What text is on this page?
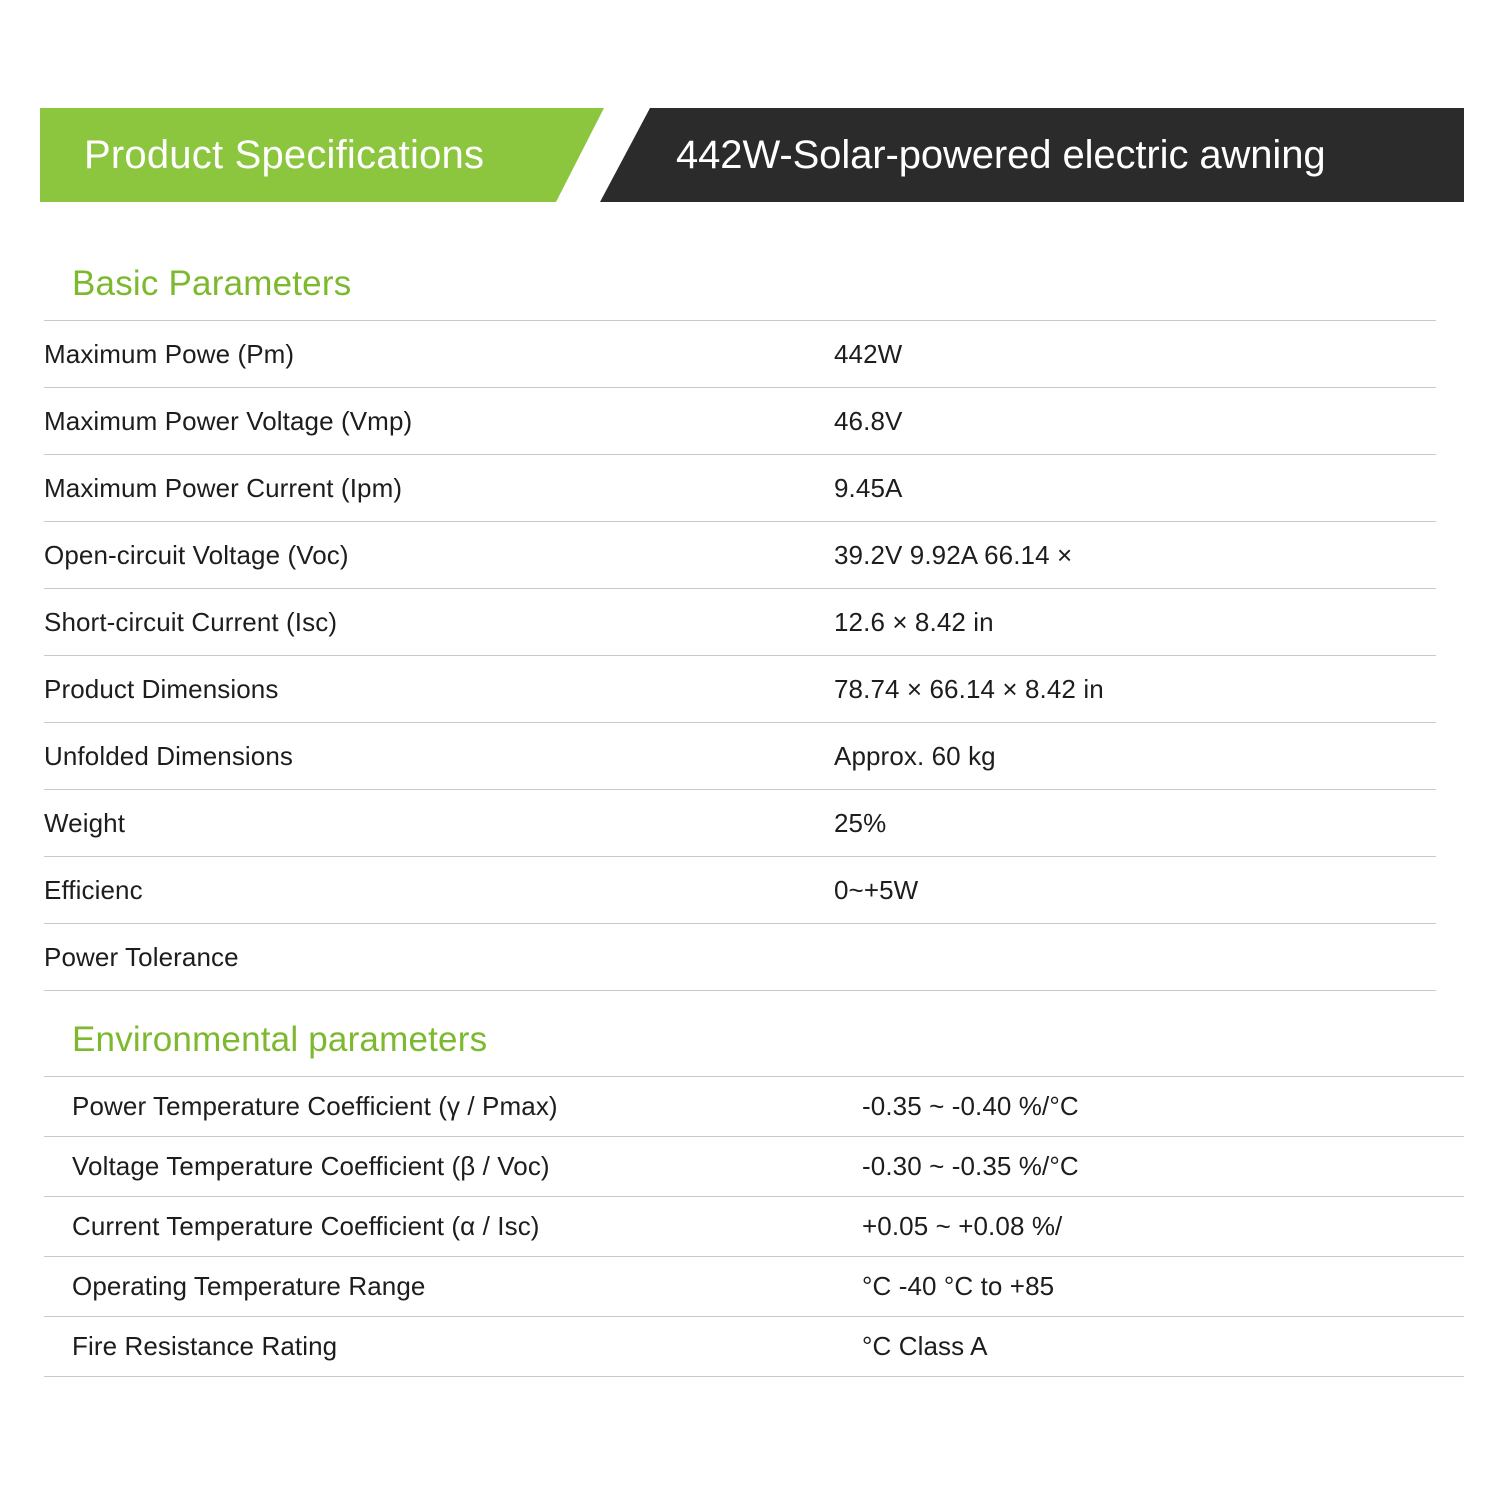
Product Specifications	442W-Solar-powered electric awning
Basic Parameters
Maximum Powe (Pm)	442W
Maximum Power Voltage (Vmp)	46.8V
Maximum Power Current (Ipm)	9.45A
Open-circuit Voltage (Voc)	39.2V 9.92A 66.14 ×
Short-circuit Current (Isc)	12.6 × 8.42 in
Product Dimensions	78.74 × 66.14 × 8.42 in
Unfolded Dimensions	Approx. 60 kg
Weight	25%
Efficienc	0~+5W
Power Tolerance	
Environmental parameters
Power Temperature Coefficient (γ / Pmax)	-0.35 ~ -0.40 %/°C
Voltage Temperature Coefficient (β / Voc)	-0.30 ~ -0.35 %/°C
Current Temperature Coefficient (α / Isc)	+0.05 ~ +0.08 %/
Operating Temperature Range	°C -40 °C to +85
Fire Resistance Rating	°C Class A
